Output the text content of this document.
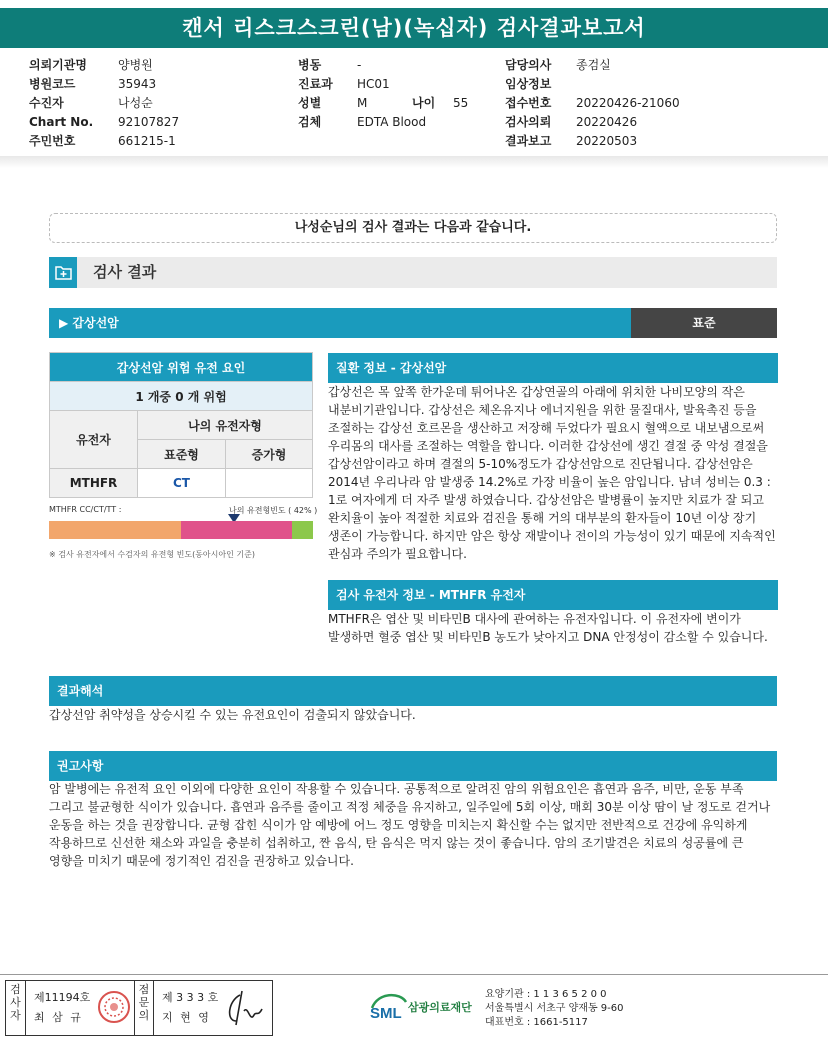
캔서 리스크스크린(남)(녹십자) 검사결과보고서
의뢰기관명	양병원
병원코드	35943
수진자	나성순
Chart No. 92107827
주민번호	661215-1
병동	-
진료과 HC01
성별	M	나이 55
검체	EDTA Blood
담당의사 종검실
임상정보
접수번호 20220426-21060
검사의뢰 20220426
결과보고 20220503
나성순님의 검사 결과는 다음과 같습니다.
검사 결과
▶ 갑상선암	표준
갑상선암 위험 유전 요인		
1 개중 0 개 위험		
유전자	나의 유전자형	
	표준형	증가형
MTHFR	CT	
MTHFR CC/CT/TT :	나의 유전형빈도 ( 42% )
※ 검사 유전자에서 수검자의 유전형 빈도(동아시아인 기준)
질환 정보 - 갑상선암
갑상선은 목 앞쪽 한가운데 튀어나온 갑상연골의 아래에 위치한 나비모양의 작은
내분비기관입니다. 갑상선은 체온유지나 에너지원을 위한 물질대사, 발육촉진 등을
조절하는 갑상선 호르몬을 생산하고 저장해 두었다가 필요시 혈액으로 내보냄으로써
우리몸의 대사를 조절하는 역할을 합니다. 이러한 갑상선에 생긴 결절 중 악성 결절을
갑상선암이라고 하며 결절의 5-10%정도가 갑상선암으로 진단됩니다. 갑상선암은
2014년 우리나라 암 발생중 14.2%로 가장 비율이 높은 암입니다. 남녀 성비는 0.3 :
1로 여자에게 더 자주 발생 하였습니다. 갑상선암은 발병률이 높지만 치료가 잘 되고
완치율이 높아 적절한 치료와 검진을 통해 거의 대부분의 환자들이 10년 이상 장기
생존이 가능합니다. 하지만 암은 항상 재발이나 전이의 가능성이 있기 때문에 지속적인
관심과 주의가 필요합니다.
검사 유전자 정보 - MTHFR 유전자
MTHFR은 엽산 및 비타민B 대사에 관여하는 유전자입니다. 이 유전자에 변이가
발생하면 혈중 엽산 및 비타민B 농도가 낮아지고 DNA 안정성이 감소할 수 있습니다.
결과해석
갑상선암 취약성을 상승시킬 수 있는 유전요인이 검출되지 않았습니다.
권고사항
암 발병에는 유전적 요인 이외에 다양한 요인이 작용할 수 있습니다. 공통적으로 알려진 암의 위험요인은 흡연과 음주, 비만, 운동 부족
그리고 불균형한 식이가 있습니다. 흡연과 음주를 줄이고 적정 체중을 유지하고, 일주일에 5회 이상, 매회 30분 이상 땀이 날 정도로 걷거나
운동을 하는 것을 권장합니다. 균형 잡힌 식이가 암 예방에 어느 정도 영향을 미치는지 확신할 수는 없지만 전반적으로 건강에 유익하게
작용하므로 신선한 채소와 과일을 충분히 섭취하고, 짠 음식, 탄 음식은 먹지 않는 것이 좋습니다. 암의 조기발견은 치료의 성공률에 큰
영향을 미치기 때문에 정기적인 검진을 권장하고 있습니다.
검사자
제11194호
최 삼 규
점문의
제 3 3 3 호
지 현 영	SML 삼광의료재단
요양기관 : 1 1 3 6 5 2 0 0
서울특별시 서초구 양재동 9-60
대표번호 : 1661-5117
